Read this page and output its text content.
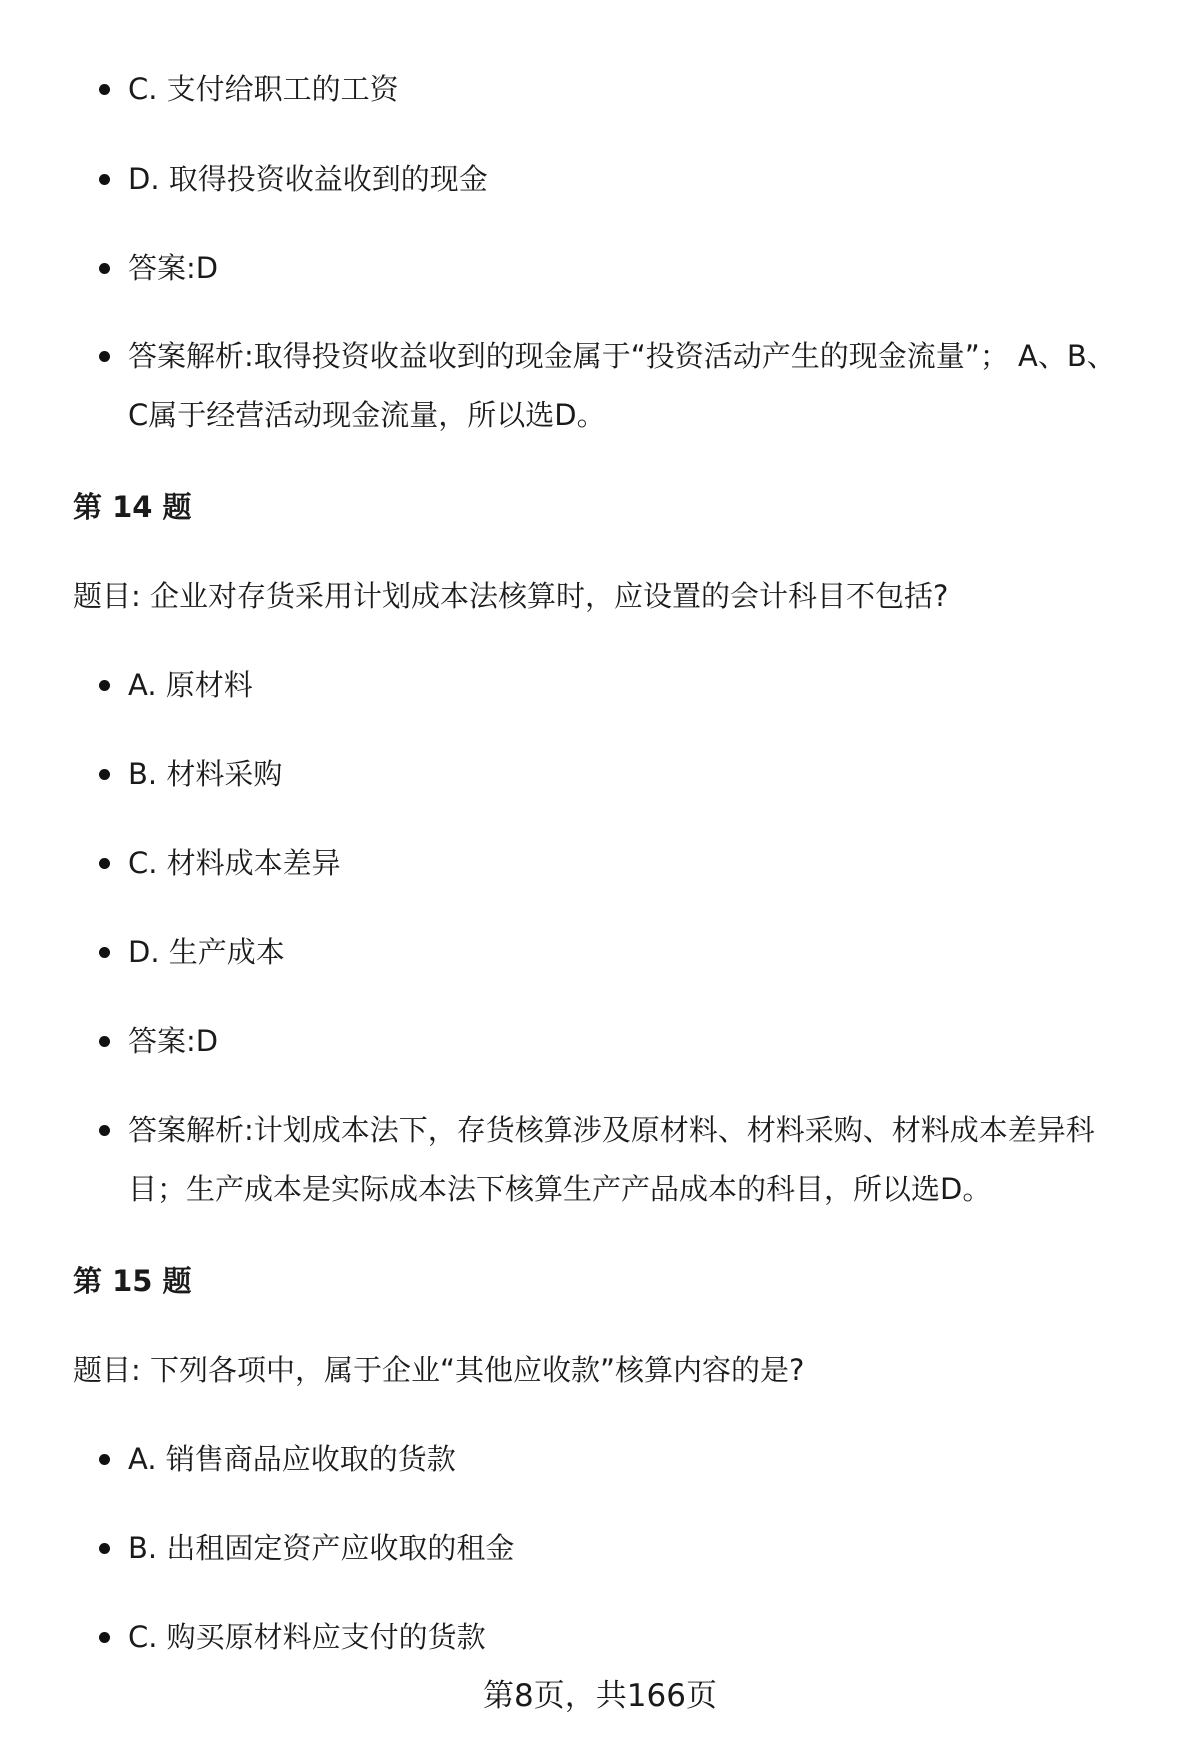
C. 支付给职工的工资
D. 取得投资收益收到的现金
答案:D
答案解析:取得投资收益收到的现金属于“投资活动产生的现金流量”； A、B、C属于经营活动现金流量，所以选D。
第 14 题
题目: 企业对存货采用计划成本法核算时，应设置的会计科目不包括?
A. 原材料
B. 材料采购
C. 材料成本差异
D. 生产成本
答案:D
答案解析:计划成本法下，存货核算涉及原材料、材料采购、材料成本差异科目；生产成本是实际成本法下核算生产产品成本的科目，所以选D。
第 15 题
题目: 下列各项中，属于企业“其他应收款”核算内容的是?
A. 销售商品应收取的货款
B. 出租固定资产应收取的租金
C. 购买原材料应支付的货款
第8页，共166页
